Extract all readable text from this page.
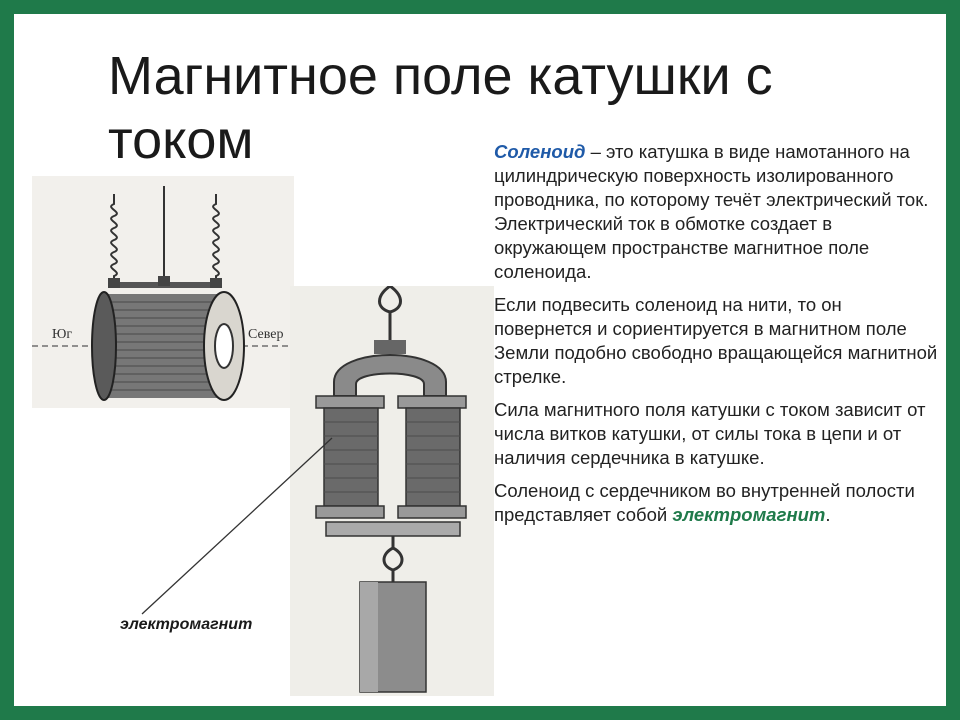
Магнитное поле катушки с током
Юг	Север
электромагнит

Соленоид – это катушка в виде намотанного на цилиндрическую поверхность изолированного проводника, по которому течёт электрический ток. Электрический ток в обмотке создает в окружающем пространстве магнитное поле соленоида.

Если подвесить соленоид на нити, то он повернется и сориентируется в магнитном поле Земли подобно свободно вращающейся магнитной стрелке.

Сила магнитного поля катушки с током зависит от числа витков катушки, от силы тока в цепи и от наличия сердечника в катушке.

Соленоид с сердечником во внутренней полости представляет собой электромагнит.
